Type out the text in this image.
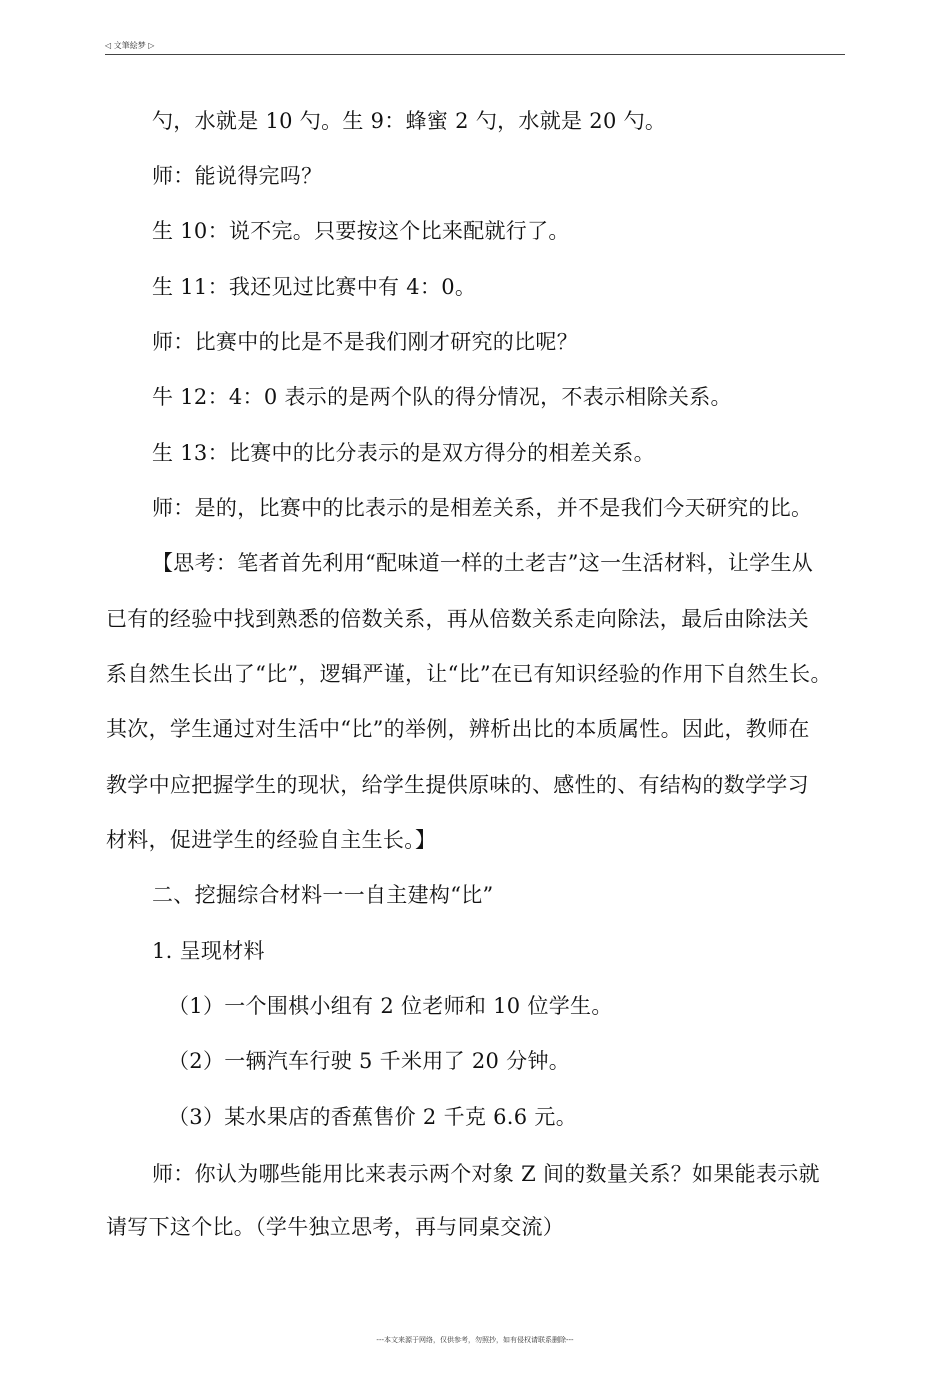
◁ 文筆絵梦 ▷
勺，水就是 10 勺。生 9：蜂蜜 2 勺，水就是 20 勺。
师：能说得完吗？
生 10：说不完。只要按这个比来配就行了。
生 11：我还见过比赛中有 4：0。
师：比赛中的比是不是我们刚才研究的比呢？
牛 12：4：0 表示的是两个队的得分情况，不表示相除关系。
生 13：比赛中的比分表示的是双方得分的相差关系。
师：是的，比赛中的比表示的是相差关系，并不是我们今天研究的比。
【思考：笔者首先利用“配味道一样的土老吉”这一生活材料，让学生从
已有的经验中找到熟悉的倍数关系，再从倍数关系走向除法，最后由除法关
系自然生长出了“比”，逻辑严谨，让“比”在已有知识经验的作用下自然生长。
其次，学生通过对生活中“比”的举例，辨析出比的本质属性。因此，教师在
教学中应把握学生的现状，给学生提供原味的、感性的、有结构的数学学习
材料，促进学生的经验自主生长。】
二、挖掘综合材料一一自主建构“比”
1. 呈现材料
（1）一个围棋小组有 2 位老师和 10 位学生。
（2）一辆汽车行驶 5 千米用了 20 分钟。
（3）某水果店的香蕉售价 2 千克 6.6 元。
师：你认为哪些能用比来表示两个对象 Z 间的数量关系？如果能表示就
请写下这个比。（学牛独立思考，再与同桌交流）
---本文来源于网络，仅供参考，勿照抄，如有侵权请联系删除---
